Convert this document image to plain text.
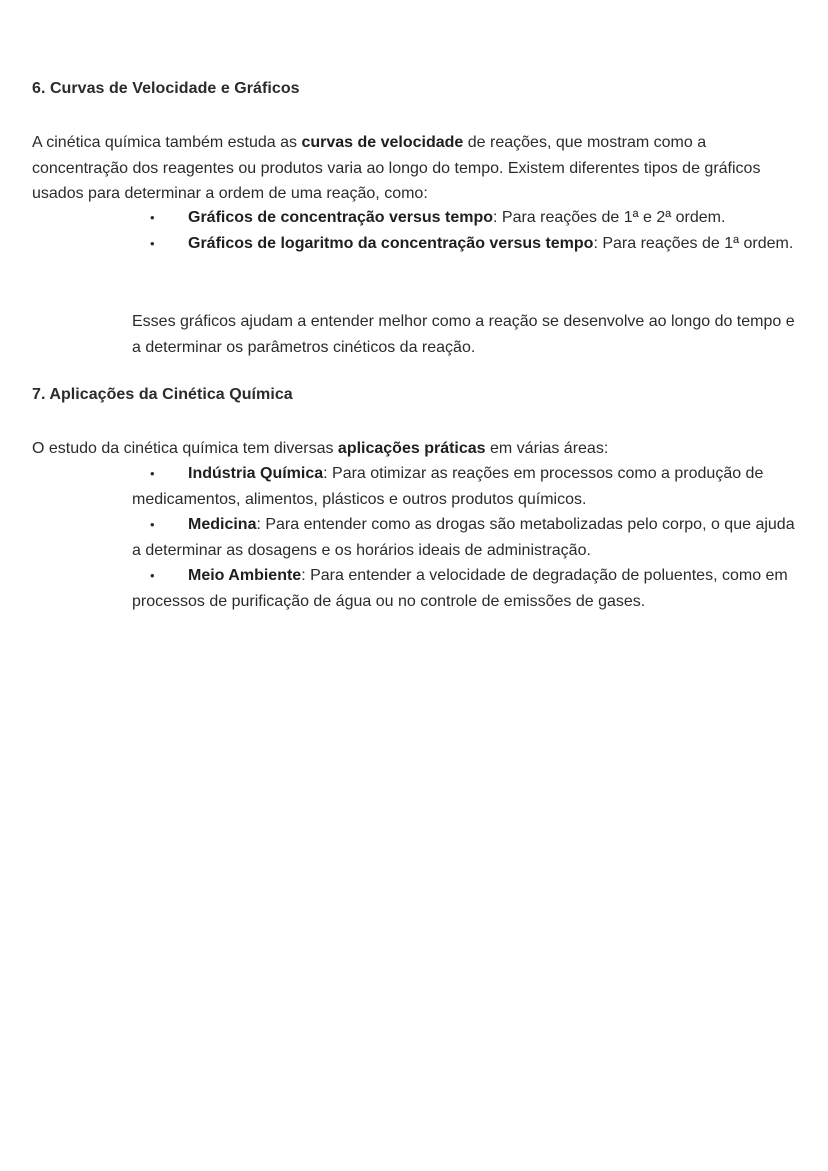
6. Curvas de Velocidade e Gráficos

A cinética química também estuda as curvas de velocidade de reações, que mostram como a concentração dos reagentes ou produtos varia ao longo do tempo. Existem diferentes tipos de gráficos usados para determinar a ordem de uma reação, como:

• Gráficos de concentração versus tempo: Para reações de 1ª e 2ª ordem.

• Gráficos de logaritmo da concentração versus tempo: Para reações de 1ª ordem.

Esses gráficos ajudam a entender melhor como a reação se desenvolve ao longo do tempo e a determinar os parâmetros cinéticos da reação.

7. Aplicações da Cinética Química

O estudo da cinética química tem diversas aplicações práticas em várias áreas:

• Indústria Química: Para otimizar as reações em processos como a produção de medicamentos, alimentos, plásticos e outros produtos químicos.

• Medicina: Para entender como as drogas são metabolizadas pelo corpo, o que ajuda a determinar as dosagens e os horários ideais de administração.

• Meio Ambiente: Para entender a velocidade de degradação de poluentes, como em processos de purificação de água ou no controle de emissões de gases.
